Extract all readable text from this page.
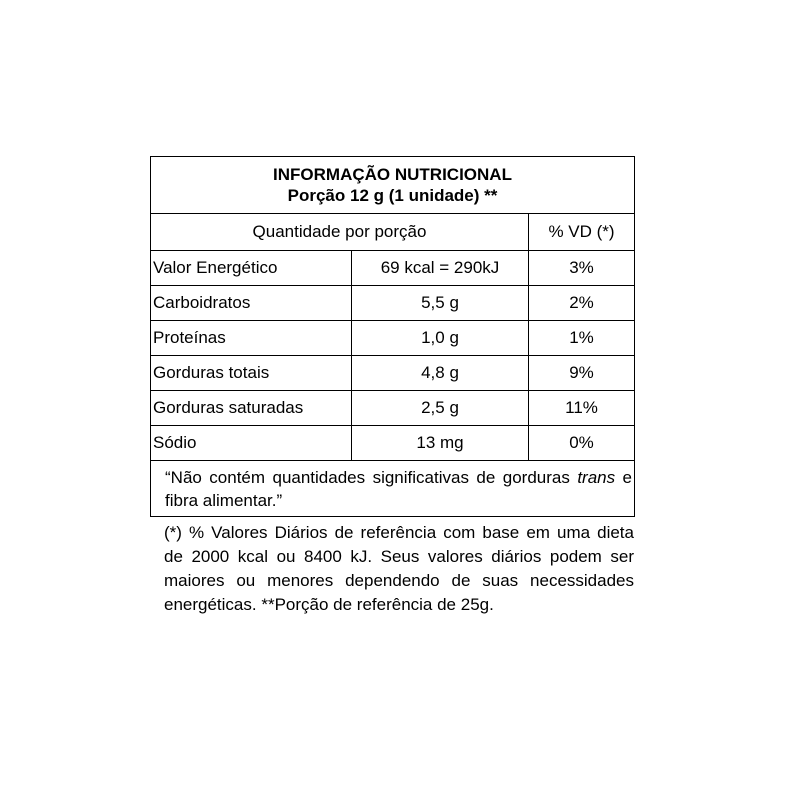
INFORMAÇÃO NUTRICIONAL
Porção 12 g (1 unidade) **		

Quantidade por porção		% VD (*)
Valor Energético	69 kcal = 290kJ	3%
Carboidratos	5,5 g	2%
Proteínas	1,0 g	1%
Gorduras totais	4,8 g	9%
Gorduras saturadas	2,5 g	11%
Sódio	13 mg	0%
“Não contém quantidades significativas de gorduras trans e fibra alimentar.”		
(*) % Valores Diários de referência com base em uma dieta de 2000 kcal ou 8400 kJ. Seus valores diários podem ser maiores ou menores dependendo de suas necessidades energéticas. **Porção de referência de 25g.
